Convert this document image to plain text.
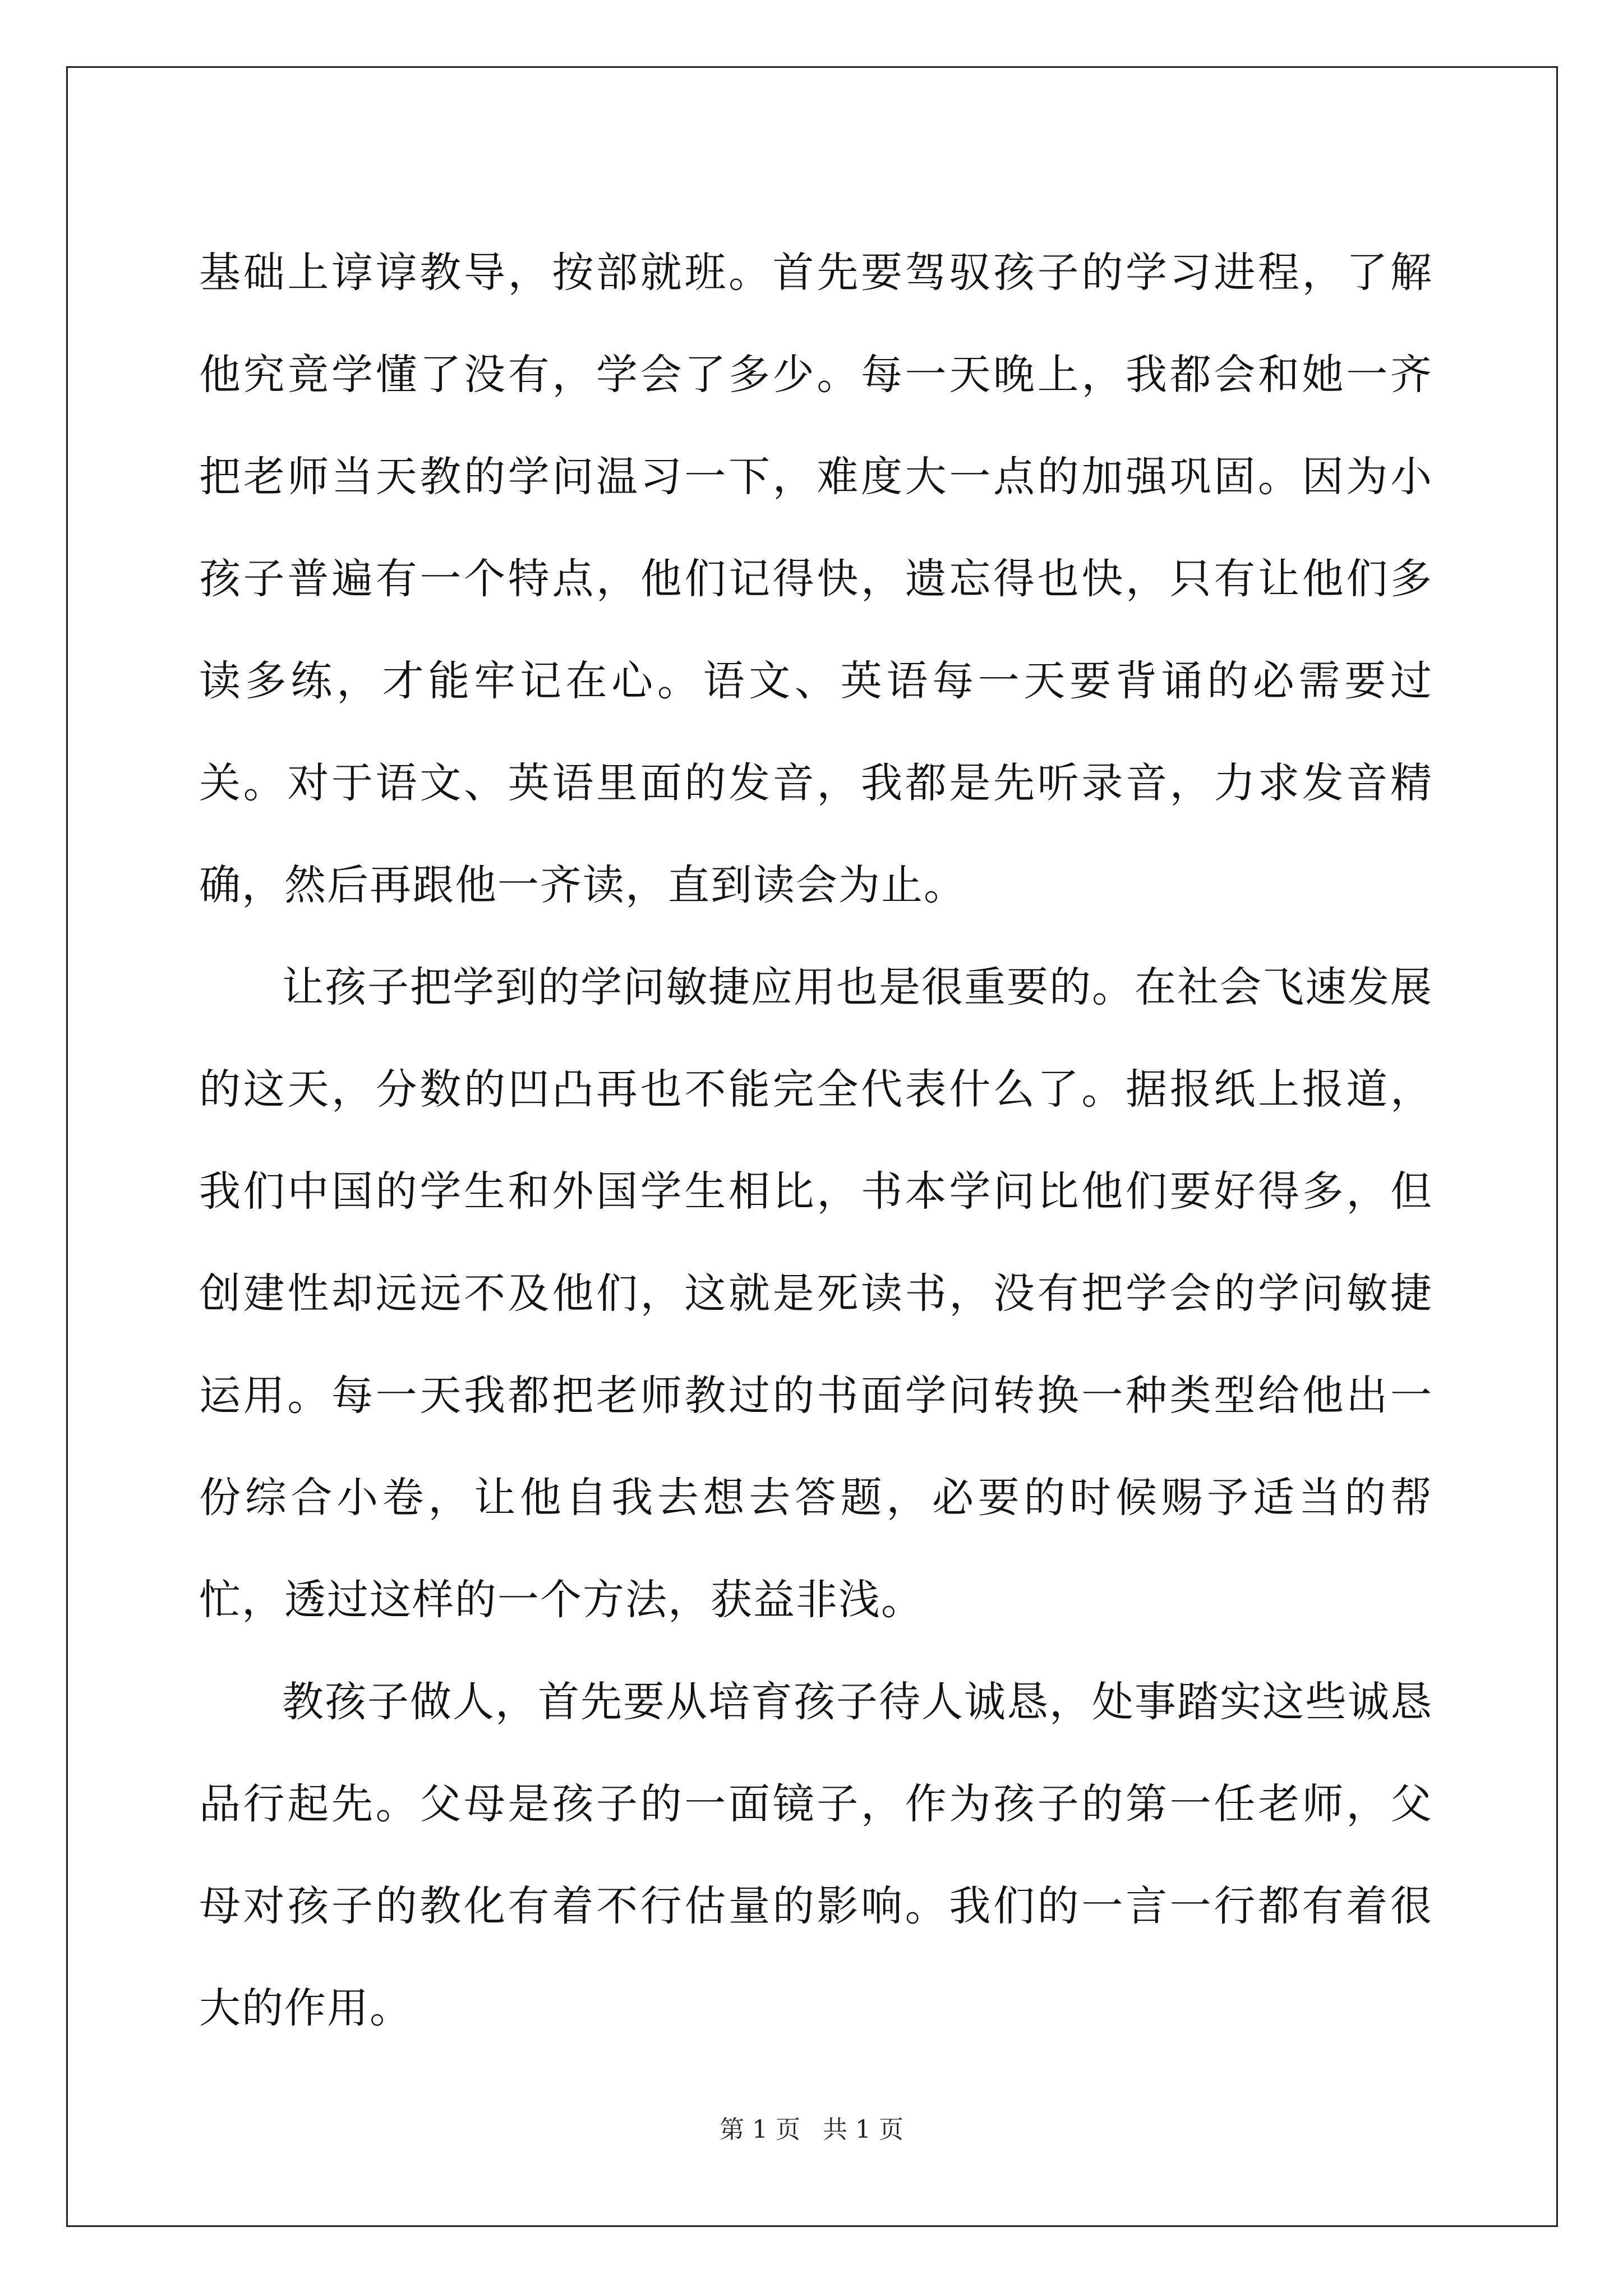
基础上谆谆教导，按部就班。首先要驾驭孩子的学习进程，了解他究竟学懂了没有，学会了多少。每一天晚上，我都会和她一齐把老师当天教的学问温习一下，难度大一点的加强巩固。因为小孩子普遍有一个特点，他们记得快，遗忘得也快，只有让他们多读多练，才能牢记在心。语文、英语每一天要背诵的必需要过关。对于语文、英语里面的发音，我都是先听录音，力求发音精确，然后再跟他一齐读，直到读会为止。

让孩子把学到的学问敏捷应用也是很重要的。在社会飞速发展的这天，分数的凹凸再也不能完全代表什么了。据报纸上报道，我们中国的学生和外国学生相比，书本学问比他们要好得多，但创建性却远远不及他们，这就是死读书，没有把学会的学问敏捷运用。每一天我都把老师教过的书面学问转换一种类型给他出一份综合小卷，让他自我去想去答题，必要的时候赐予适当的帮忙，透过这样的一个方法，获益非浅。

教孩子做人，首先要从培育孩子待人诚恳，处事踏实这些诚恳品行起先。父母是孩子的一面镜子，作为孩子的第一任老师，父母对孩子的教化有着不行估量的影响。我们的一言一行都有着很大的作用。

第 1 页 共 1 页
